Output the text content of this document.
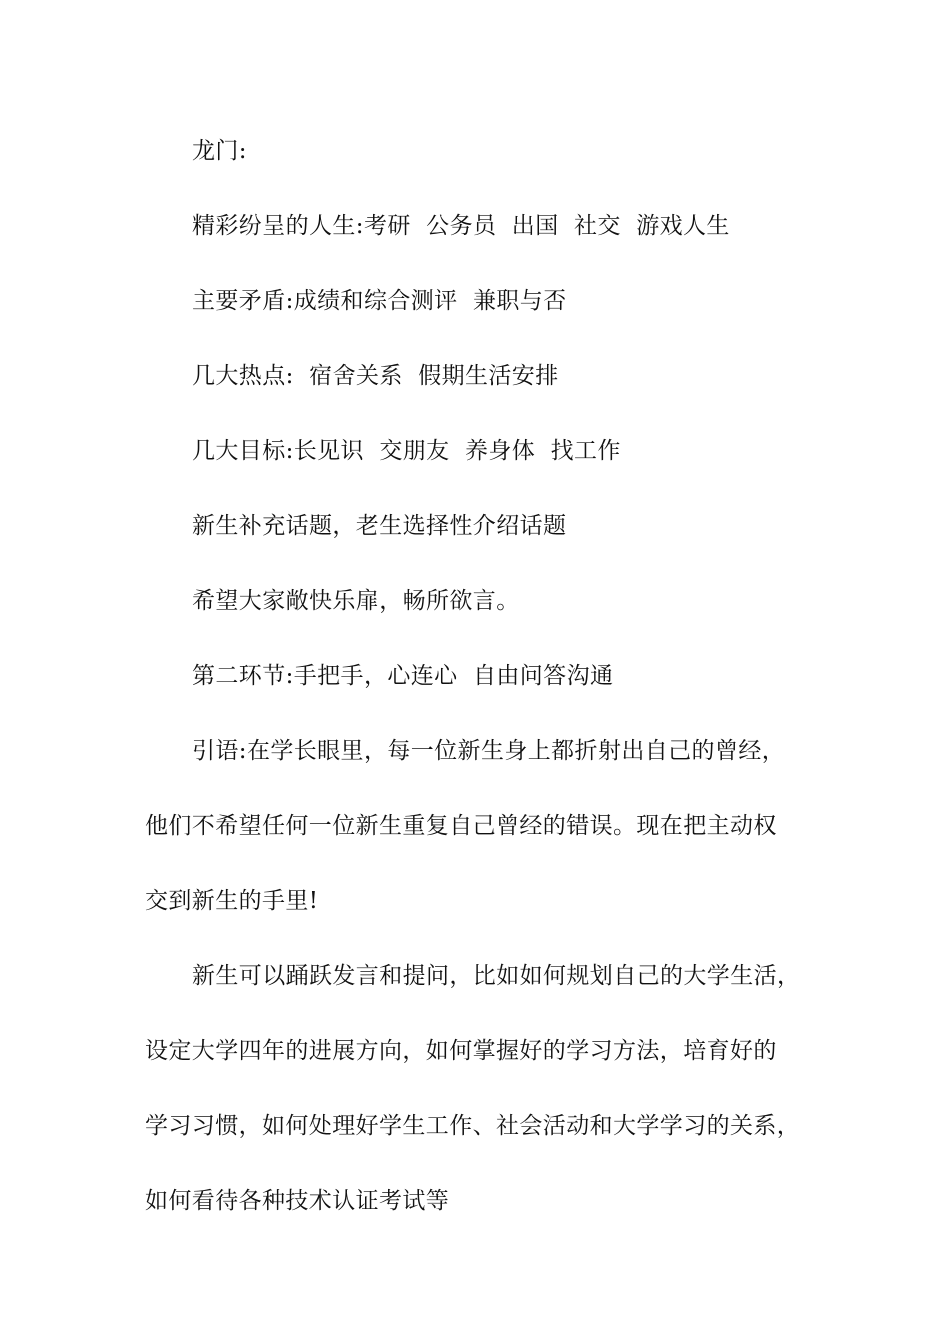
龙门:
精彩纷呈的人生:考研  公务员  出国  社交  游戏人生
主要矛盾:成绩和综合测评  兼职与否
几大热点:  宿舍关系  假期生活安排
几大目标:长见识  交朋友  养身体  找工作
新生补充话题，老生选择性介绍话题
希望大家敞快乐扉，畅所欲言。
第二环节:手把手，心连心  自由问答沟通
引语:在学长眼里，每一位新生身上都折射出自己的曾经，
他们不希望任何一位新生重复自己曾经的错误。现在把主动权
交到新生的手里!
新生可以踊跃发言和提问，比如如何规划自己的大学生活，
设定大学四年的进展方向，如何掌握好的学习方法，培育好的
学习习惯，如何处理好学生工作、社会活动和大学学习的关系，
如何看待各种技术认证考试等
